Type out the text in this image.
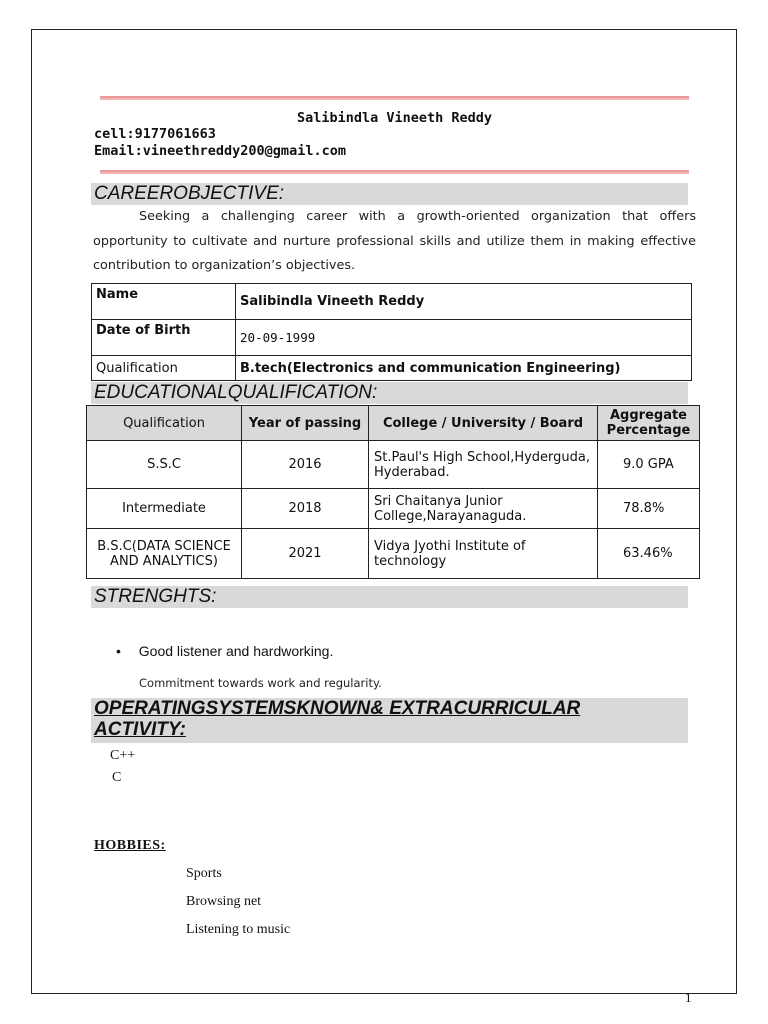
Salibindla Vineeth Reddy
cell:9177061663
Email:vineethreddy200@gmail.com
CAREEROBJECTIVE:
Seeking a challenging career with a growth-oriented organization that offers opportunity to cultivate and nurture professional skills and utilize them in making effective contribution to organization’s objectives.
Name	Salibindla Vineeth Reddy
Date of Birth	20-09-1999
Qualification	B.tech(Electronics and communication Engineering)
EDUCATIONALQUALIFICATION:
Qualification	Year of passing	College / University / Board	Aggregate Percentage
S.S.C	2016	St.Paul's High School,Hyderguda, Hyderabad.	9.0 GPA
Intermediate	2018	Sri Chaitanya Junior College,Narayanaguda.	78.8%
B.S.C(DATA SCIENCE AND ANALYTICS)	2021	Vidya Jyothi Institute of technology	63.46%
STRENGHTS:
• Good listener and hardworking.
Commitment towards work and regularity.
OPERATINGSYSTEMSKNOWN& EXTRACURRICULAR
ACTIVITY:
C++
C
HOBBIES:
Sports
Browsing net
Listening to music
1
